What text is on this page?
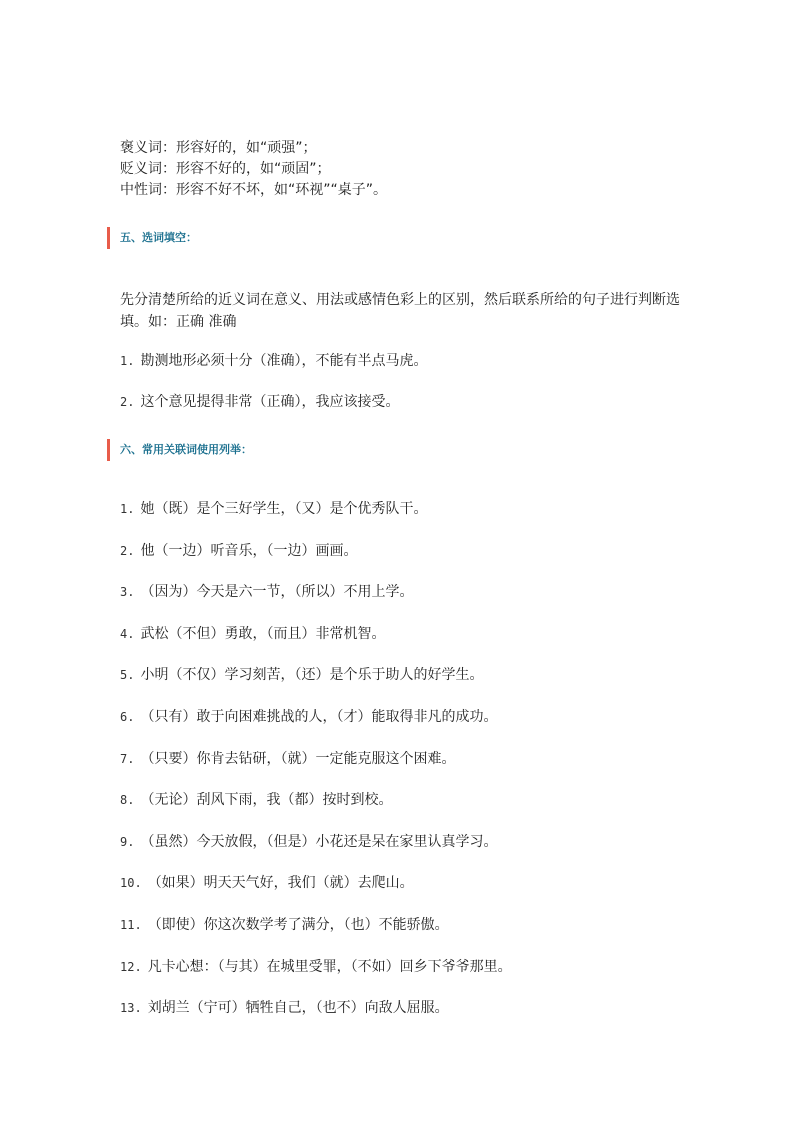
褒义词：形容好的，如“顽强”；
贬义词：形容不好的，如“顽固”；
中性词：形容不好不坏，如“环视”“桌子”。
五、选词填空：
先分清楚所给的近义词在意义、用法或感情色彩上的区别，然后联系所给的句子进行判断选填。如：正确 准确
1. 勘测地形必须十分（准确），不能有半点马虎。
2. 这个意见提得非常（正确），我应该接受。
六、常用关联词使用列举：
1. 她（既）是个三好学生，（又）是个优秀队干。
2. 他（一边）听音乐，（一边）画画。
3. （因为）今天是六一节，（所以）不用上学。
4. 武松（不但）勇敢，（而且）非常机智。
5. 小明（不仅）学习刻苦，（还）是个乐于助人的好学生。
6. （只有）敢于向困难挑战的人，（才）能取得非凡的成功。
7. （只要）你肯去钻研，（就）一定能克服这个困难。
8. （无论）刮风下雨，我（都）按时到校。
9. （虽然）今天放假，（但是）小花还是呆在家里认真学习。
10. （如果）明天天气好，我们（就）去爬山。
11. （即使）你这次数学考了满分，（也）不能骄傲。
12. 凡卡心想：（与其）在城里受罪，（不如）回乡下爷爷那里。
13. 刘胡兰（宁可）牺牲自己，（也不）向敌人屈服。
